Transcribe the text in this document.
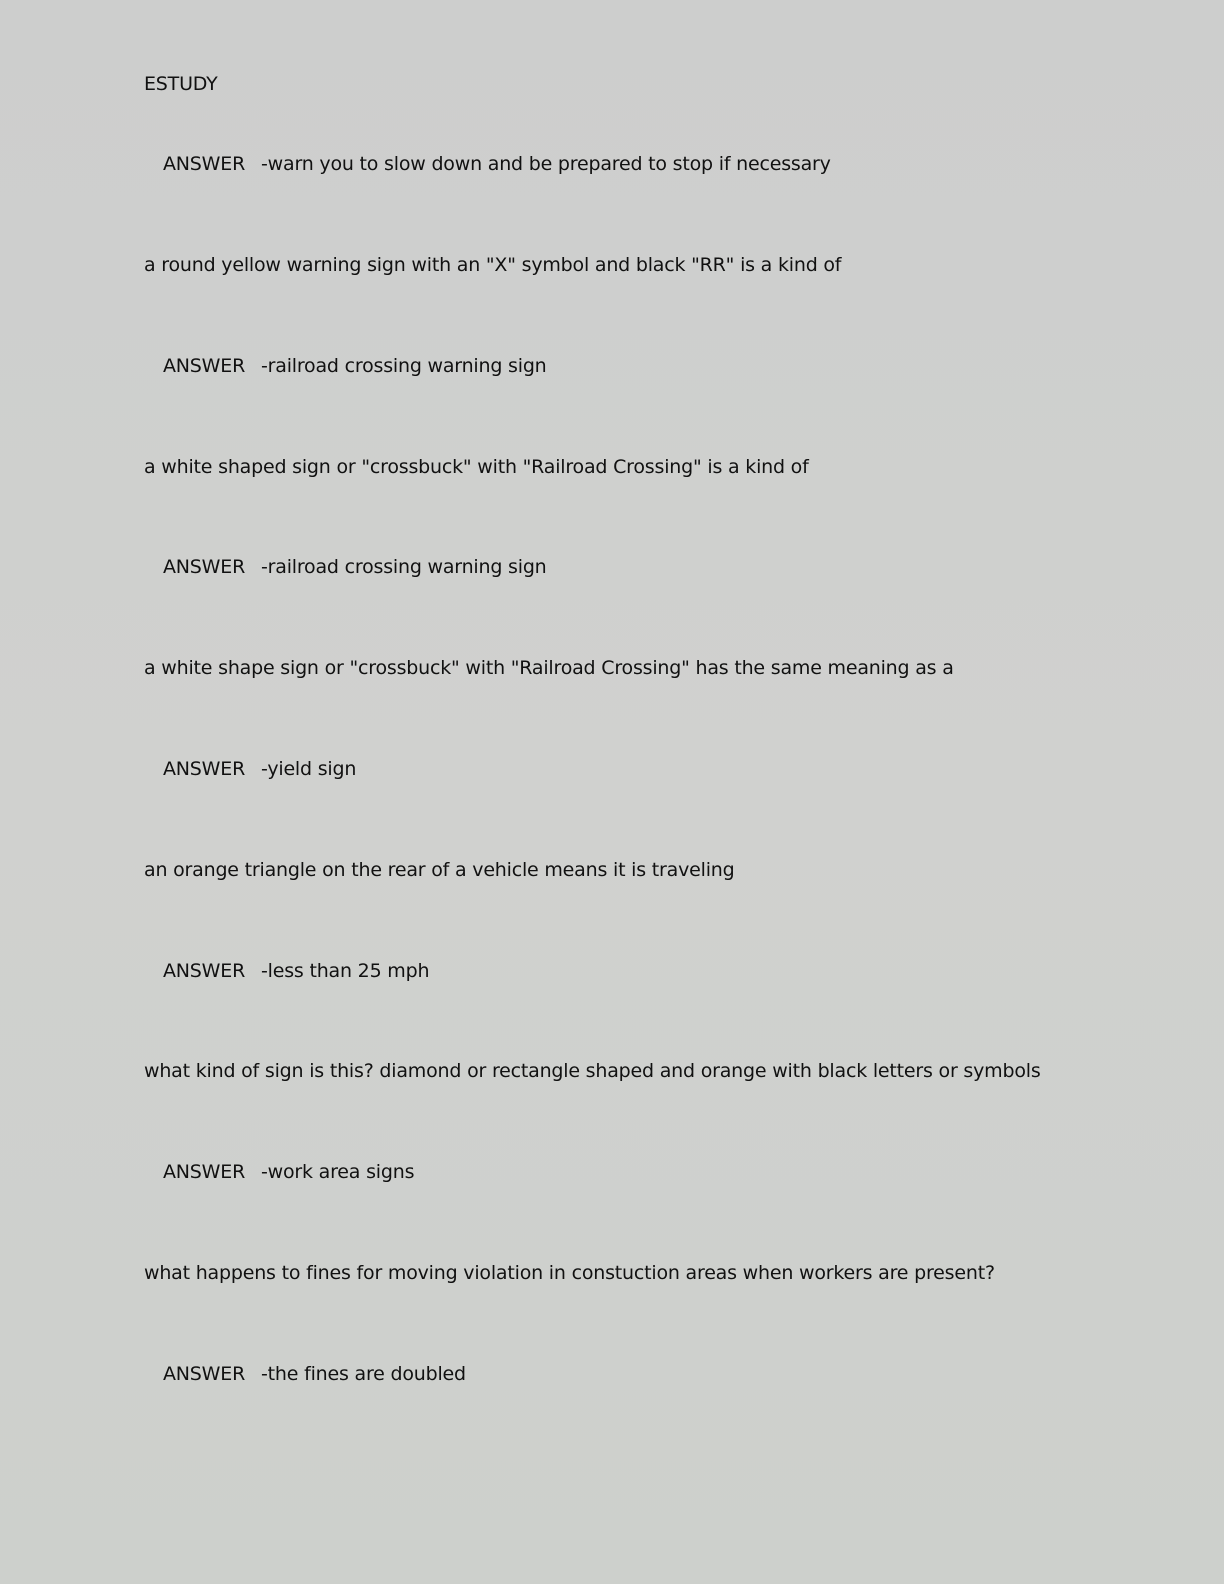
ESTUDY
ANSWER -warn you to slow down and be prepared to stop if necessary
a round yellow warning sign with an "X" symbol and black "RR" is a kind of
ANSWER -railroad crossing warning sign
a white shaped sign or "crossbuck" with "Railroad Crossing" is a kind of
ANSWER -railroad crossing warning sign
a white shape sign or "crossbuck" with "Railroad Crossing" has the same meaning as a
ANSWER -yield sign
an orange triangle on the rear of a vehicle means it is traveling
ANSWER -less than 25 mph
what kind of sign is this? diamond or rectangle shaped and orange with black letters or symbols
ANSWER -work area signs
what happens to fines for moving violation in constuction areas when workers are present?
ANSWER -the fines are doubled
